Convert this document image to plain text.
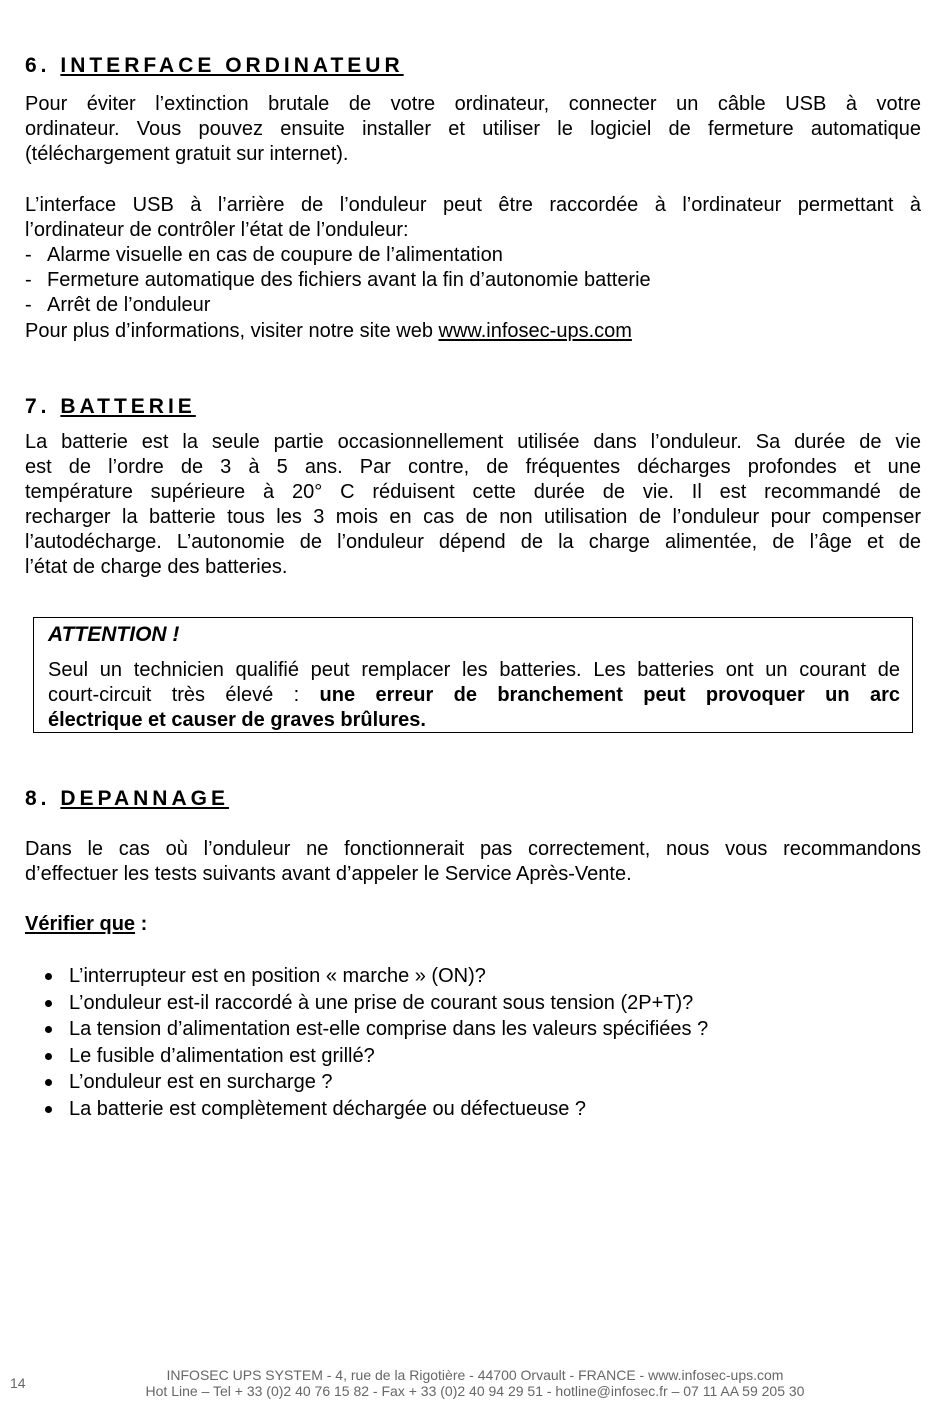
6. INTERFACE ORDINATEUR

Pour éviter l’extinction brutale de votre ordinateur, connecter un câble USB à votre
ordinateur. Vous pouvez ensuite installer et utiliser le logiciel de fermeture automatique
(téléchargement gratuit sur internet).

L’interface USB à l’arrière de l’onduleur peut être raccordée à l’ordinateur permettant à
l’ordinateur de contrôler l’état de l’onduleur:

- Alarme visuelle en cas de coupure de l’alimentation
- Fermeture automatique des fichiers avant la fin d’autonomie batterie
- Arrêt de l’onduleur

Pour plus d’informations, visiter notre site web www.infosec-ups.com

7. BATTERIE

La batterie est la seule partie occasionnellement utilisée dans l’onduleur. Sa durée de vie
est de l’ordre de 3 à 5 ans. Par contre, de fréquentes décharges profondes et une
température supérieure à 20° C réduisent cette durée de vie. Il est recommandé de
recharger la batterie tous les 3 mois en cas de non utilisation de l’onduleur pour compenser
l’autodécharge. L’autonomie de l’onduleur dépend de la charge alimentée, de l’âge et de
l’état de charge des batteries.

ATTENTION !

Seul un technicien qualifié peut remplacer les batteries. Les batteries ont un courant de
court-circuit très élevé : une erreur de branchement peut provoquer un arc
électrique et causer de graves brûlures.

8. DEPANNAGE

Dans le cas où l’onduleur ne fonctionnerait pas correctement, nous vous recommandons
d’effectuer les tests suivants avant d’appeler le Service Après-Vente.

Vérifier que :
L’interrupteur est en position « marche » (ON)?
L’onduleur est-il raccordé à une prise de courant sous tension (2P+T)?
La tension d’alimentation est-elle comprise dans les valeurs spécifiées ?
Le fusible d’alimentation est grillé?
L’onduleur est en surcharge ?
La batterie est complètement déchargée ou défectueuse ?
14	INFOSEC UPS SYSTEM - 4, rue de la Rigotière - 44700 Orvault - FRANCE - www.infosec-ups.com
Hot Line – Tel + 33 (0)2 40 76 15 82 - Fax + 33 (0)2 40 94 29 51 - hotline@infosec.fr – 07 11 AA 59 205 30
